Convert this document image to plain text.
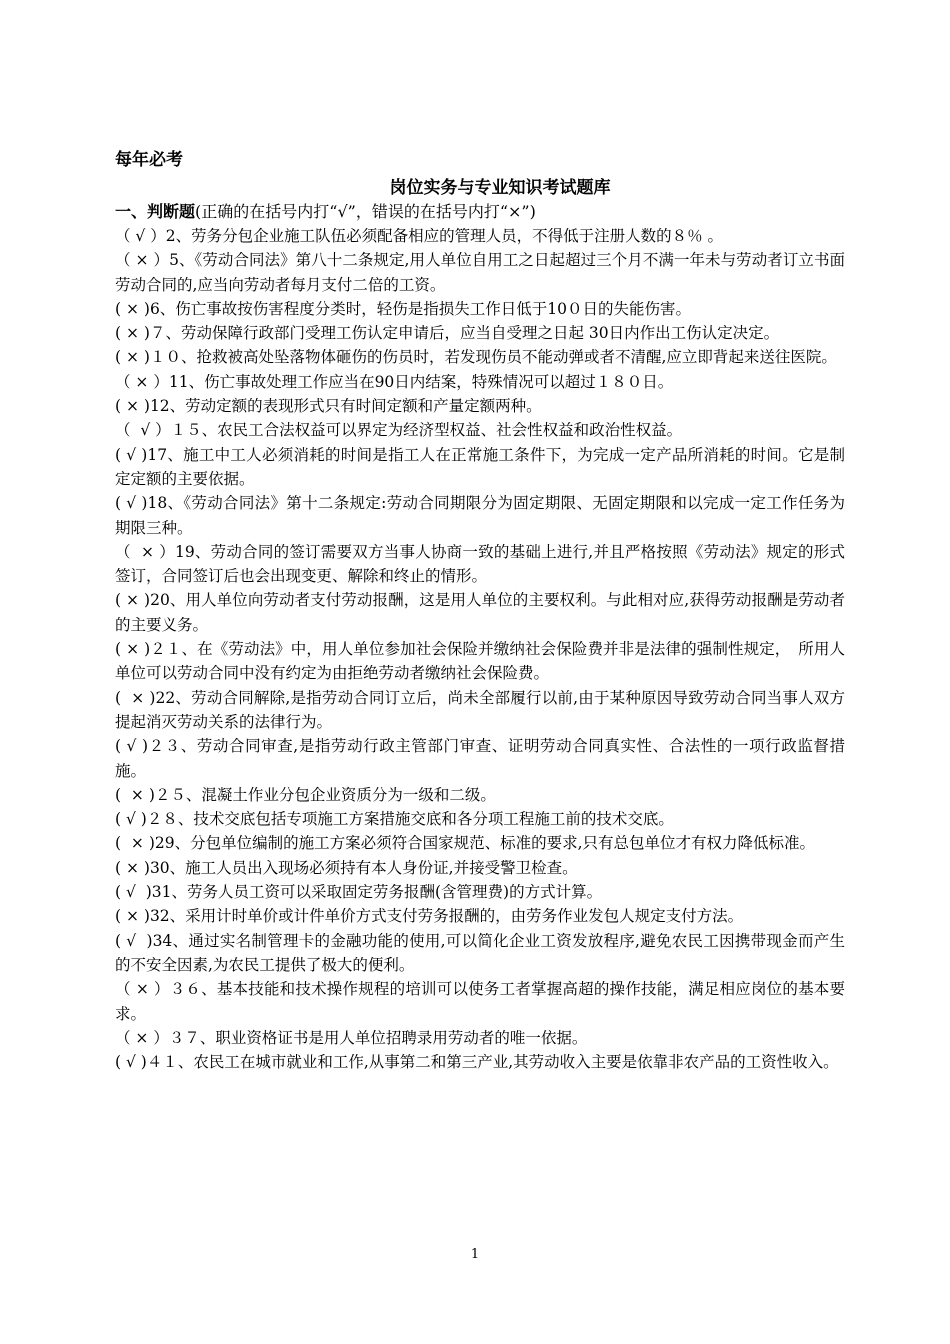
每年必考

岗位实务与专业知识考试题库

一、判断题(正确的在括号内打“√”，错误的在括号内打“×”)

（ √ ）2、劳务分包企业施工队伍必须配备相应的管理人员，不得低于注册人数的８％ 。

（ × ）5、《劳动合同法》第八十二条规定,用人单位自用工之日起超过三个月不满一年未与劳动者订立书面劳动合同的,应当向劳动者每月支付二倍的工资。

( × )6、伤亡事故按伤害程度分类时，轻伤是指损失工作日低于10０日的失能伤害。

( × )７、劳动保障行政部门受理工伤认定申请后，应当自受理之日起 30日内作出工伤认定决定。

( × )１０、抢救被高处坠落物体砸伤的伤员时，若发现伤员不能动弹或者不清醒,应立即背起来送往医院。

（ × ）11、伤亡事故处理工作应当在90日内结案，特殊情况可以超过１８０日。

( × )12、劳动定额的表现形式只有时间定额和产量定额两种。

（  √ ）１５、农民工合法权益可以界定为经济型权益、社会性权益和政治性权益。

( √ )17、施工中工人必须消耗的时间是指工人在正常施工条件下，为完成一定产品所消耗的时间。它是制定定额的主要依据。

( √ )18、《劳动合同法》第十二条规定:劳动合同期限分为固定期限、无固定期限和以完成一定工作任务为期限三种。

（  × ）19、劳动合同的签订需要双方当事人协商一致的基础上进行,并且严格按照《劳动法》规定的形式签订，合同签订后也会出现变更、解除和终止的情形。

( × )20、用人单位向劳动者支付劳动报酬，这是用人单位的主要权利。与此相对应,获得劳动报酬是劳动者的主要义务。

( × )２１、在《劳动法》中，用人单位参加社会保险并缴纳社会保险费并非是法律的强制性规定，　所用人单位可以劳动合同中没有约定为由拒绝劳动者缴纳社会保险费。

(  × )22、劳动合同解除,是指劳动合同订立后，尚未全部履行以前,由于某种原因导致劳动合同当事人双方提起消灭劳动关系的法律行为。

( √ )２３、劳动合同审查,是指劳动行政主管部门审查、证明劳动合同真实性、合法性的一项行政监督措施。

(  × )２５、混凝土作业分包企业资质分为一级和二级。

( √ )２８、技术交底包括专项施工方案措施交底和各分项工程施工前的技术交底。

(  × )29、分包单位编制的施工方案必须符合国家规范、标准的要求,只有总包单位才有权力降低标准。

( × )30、施工人员出入现场必须持有本人身份证,并接受警卫检查。

( √  )31、劳务人员工资可以采取固定劳务报酬(含管理费)的方式计算。

( × )32、采用计时单价或计件单价方式支付劳务报酬的，由劳务作业发包人规定支付方法。

( √  )34、通过实名制管理卡的金融功能的使用,可以简化企业工资发放程序,避免农民工因携带现金而产生的不安全因素,为农民工提供了极大的便利。

（ × ）３６、基本技能和技术操作规程的培训可以使务工者掌握高超的操作技能，满足相应岗位的基本要求。

（ × ）３７、职业资格证书是用人单位招聘录用劳动者的唯一依据。

( √ )４１、农民工在城市就业和工作,从事第二和第三产业,其劳动收入主要是依靠非农产品的工资性收入。

1
